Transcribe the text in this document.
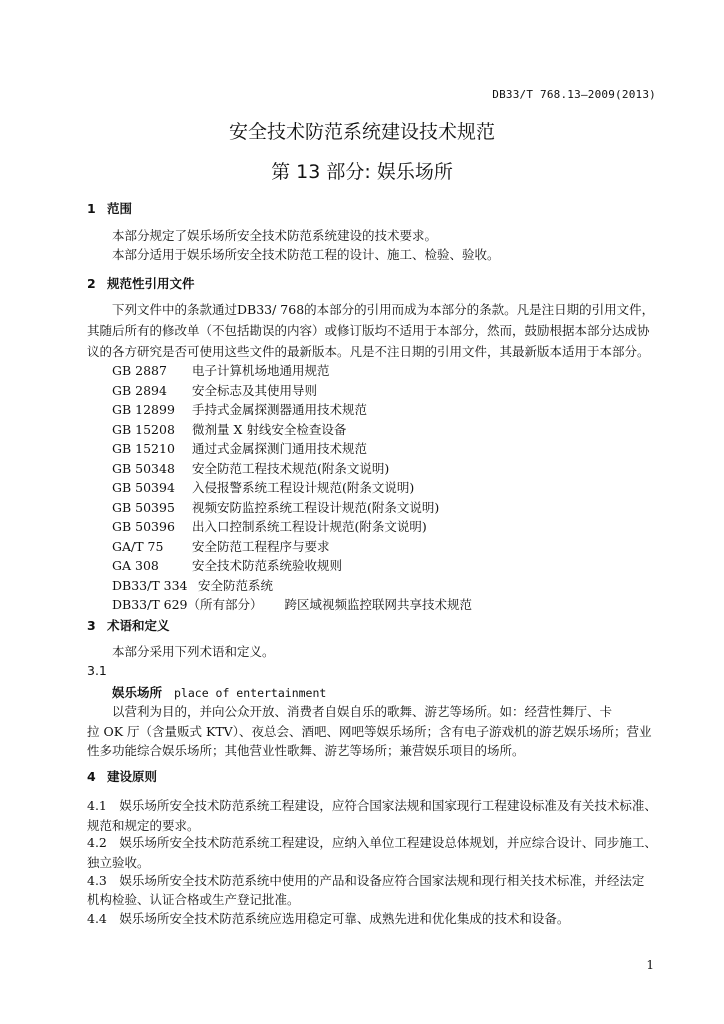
DB33/T 768.13—2009(2013)
安全技术防范系统建设技术规范
第 13 部分: 娱乐场所
1 范围
本部分规定了娱乐场所安全技术防范系统建设的技术要求。
本部分适用于娱乐场所安全技术防范工程的设计、施工、检验、验收。
2 规范性引用文件
下列文件中的条款通过DB33/ 768的本部分的引用而成为本部分的条款。凡是注日期的引用文件，
其随后所有的修改单（不包括勘误的内容）或修订版均不适用于本部分，然而，鼓励根据本部分达成协
议的各方研究是否可使用这些文件的最新版本。凡是不注日期的引用文件，其最新版本适用于本部分。
GB 2887 电子计算机场地通用规范
GB 2894 安全标志及其使用导则
GB 12899 手持式金属探测器通用技术规范
GB 15208 微剂量 X 射线安全检查设备
GB 15210 通过式金属探测门通用技术规范
GB 50348 安全防范工程技术规范(附条文说明)
GB 50394 入侵报警系统工程设计规范(附条文说明)
GB 50395 视频安防监控系统工程设计规范(附条文说明)
GB 50396 出入口控制系统工程设计规范(附条文说明)
GA/T 75 安全防范工程程序与要求
GA 308	安全技术防范系统验收规则
DB33/T 334 安全防范系统
DB33/T 629（所有部分） 跨区域视频监控联网共享技术规范
3 术语和定义
本部分采用下列术语和定义。
3.1
娱乐场所 place of entertainment
以营利为目的，并向公众开放、消费者自娱自乐的歌舞、游艺等场所。如：经营性舞厅、卡
拉 OK 厅（含量贩式 KTV）、夜总会、酒吧、网吧等娱乐场所；含有电子游戏机的游艺娱乐场所；营业
性多功能综合娱乐场所；其他营业性歌舞、游艺等场所；兼营娱乐项目的场所。
4 建设原则
4.1　娱乐场所安全技术防范系统工程建设，应符合国家法规和国家现行工程建设标准及有关技术标准、
规范和规定的要求。
4.2　娱乐场所安全技术防范系统工程建设，应纳入单位工程建设总体规划，并应综合设计、同步施工、
独立验收。
4.3　娱乐场所安全技术防范系统中使用的产品和设备应符合国家法规和现行相关技术标准，并经法定
机构检验、认证合格或生产登记批准。
4.4　娱乐场所安全技术防范系统应选用稳定可靠、成熟先进和优化集成的技术和设备。
1
